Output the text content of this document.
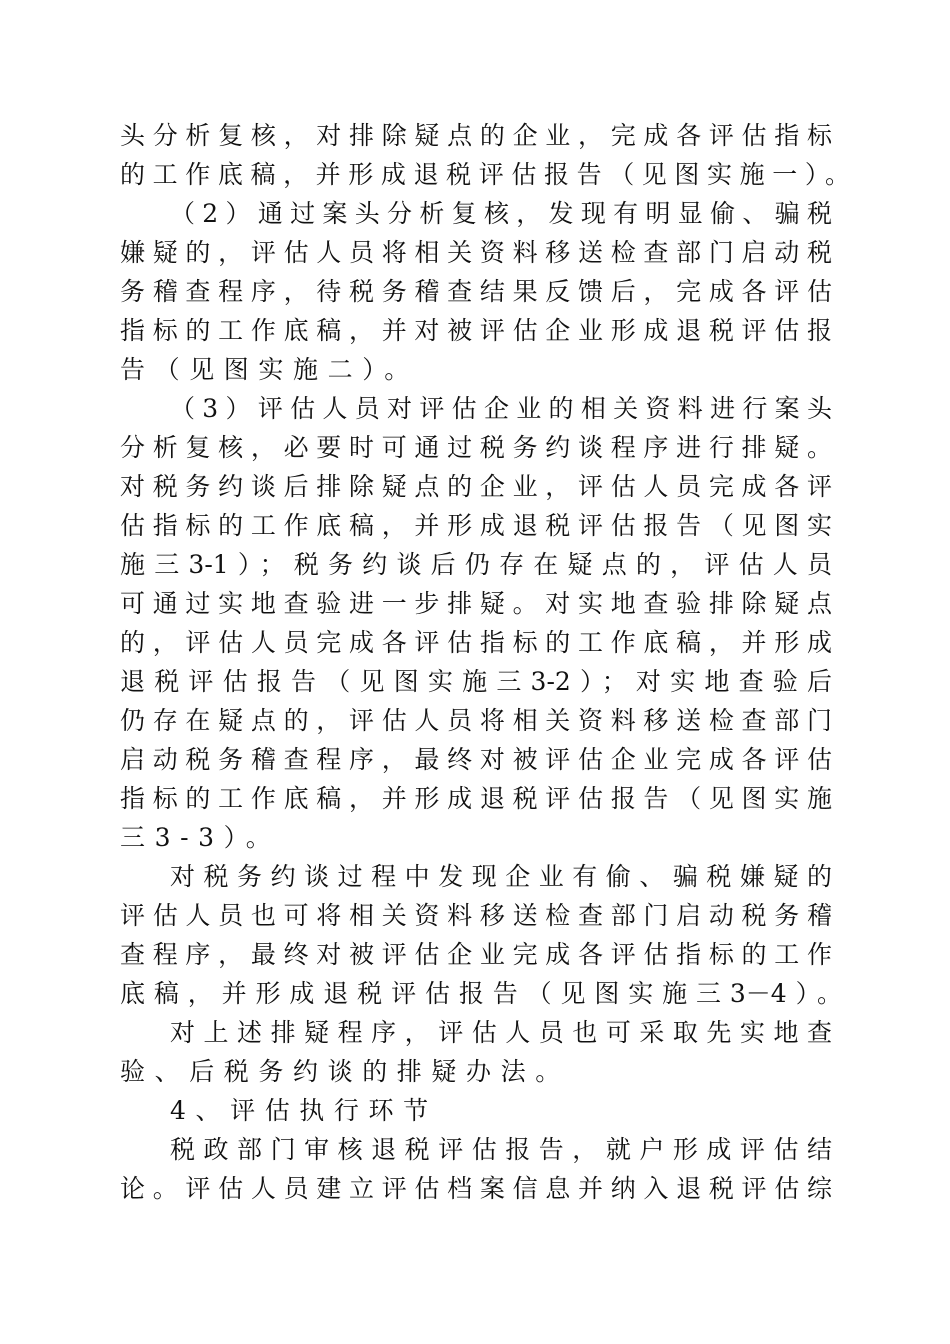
头分析复核，对排除疑点的企业，完成各评估指标

的工作底稿，并形成退税评估报告（见图实施一）。

（2）通过案头分析复核，发现有明显偷、骗税

嫌疑的，评估人员将相关资料移送检查部门启动税

务稽查程序，待税务稽查结果反馈后，完成各评估

指标的工作底稿，并对被评估企业形成退税评估报

告（见图实施二）。

（3）评估人员对评估企业的相关资料进行案头

分析复核，必要时可通过税务约谈程序进行排疑。

对税务约谈后排除疑点的企业，评估人员完成各评

估指标的工作底稿，并形成退税评估报告（见图实

施三3-1）；税务约谈后仍存在疑点的，评估人员

可通过实地查验进一步排疑。对实地查验排除疑点

的，评估人员完成各评估指标的工作底稿，并形成

退税评估报告（见图实施三3-2）；对实地查验后

仍存在疑点的，评估人员将相关资料移送检查部门

启动税务稽查程序，最终对被评估企业完成各评估

指标的工作底稿，并形成退税评估报告（见图实施

三3-3）。

对税务约谈过程中发现企业有偷、骗税嫌疑的

评估人员也可将相关资料移送检查部门启动税务稽

查程序，最终对被评估企业完成各评估指标的工作

底稿，并形成退税评估报告（见图实施三3－4）。

对上述排疑程序，评估人员也可采取先实地查

验、后税务约谈的排疑办法。

4、评估执行环节

税政部门审核退税评估报告，就户形成评估结

论。评估人员建立评估档案信息并纳入退税评估综
